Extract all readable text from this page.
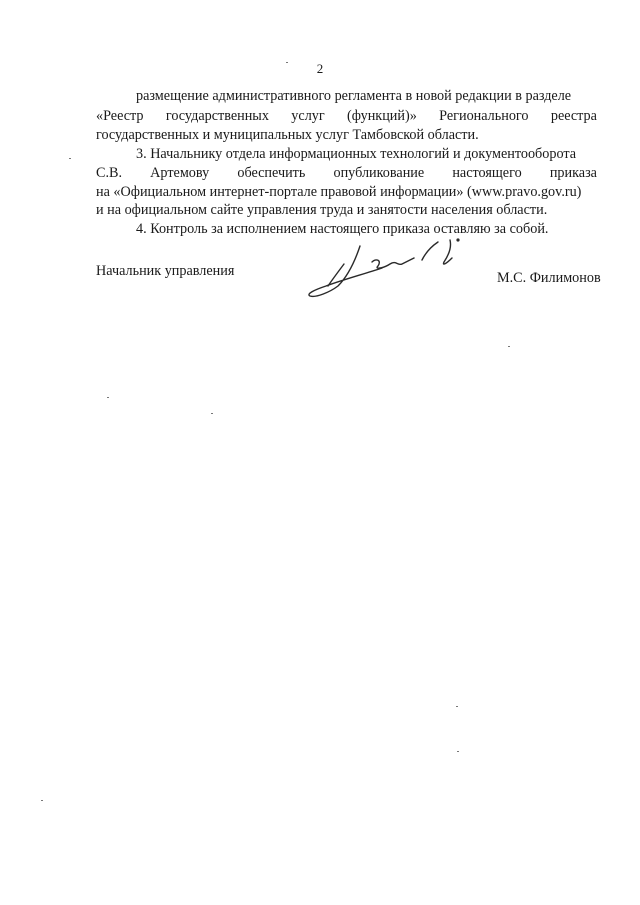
2
размещение административного регламента в новой редакции в разделе
«Реестр государственных услуг (функций)» Регионального реестра
государственных и муниципальных услуг Тамбовской области.
3. Начальнику отдела информационных технологий и документооборота
С.В. Артемову обеспечить опубликование настоящего приказа
на «Официальном интернет-портале правовой информации» (www.pravo.gov.ru)
и на официальном сайте управления труда и занятости населения области.
4. Контроль за исполнением настоящего приказа оставляю за собой.
Начальник управления	М.С. Филимонов
